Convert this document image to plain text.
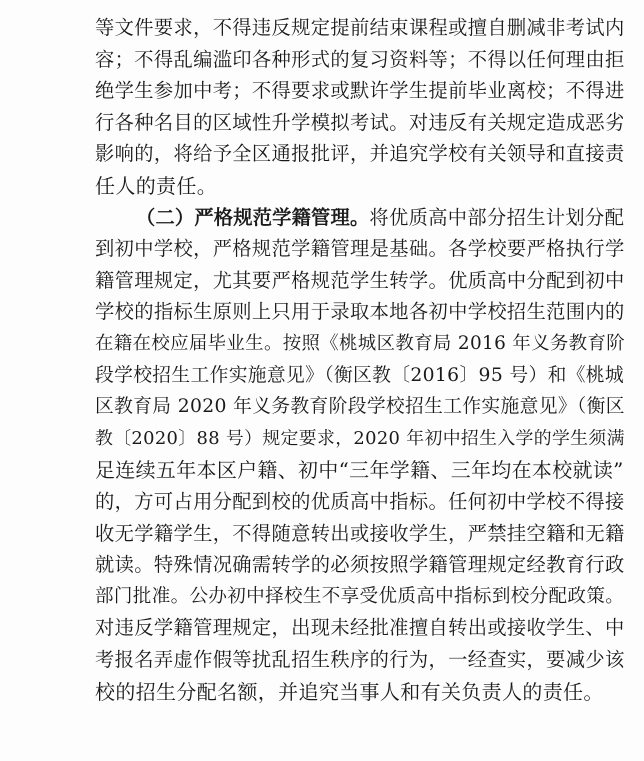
等文件要求，不得违反规定提前结束课程或擅自删减非考试内
容；不得乱编滥印各种形式的复习资料等；不得以任何理由拒
绝学生参加中考；不得要求或默许学生提前毕业离校；不得进
行各种名目的区域性升学模拟考试。对违反有关规定造成恶劣
影响的，将给予全区通报批评，并追究学校有关领导和直接责
任人的责任。
（二）严格规范学籍管理。将优质高中部分招生计划分配
到初中学校，严格规范学籍管理是基础。各学校要严格执行学
籍管理规定，尤其要严格规范学生转学。优质高中分配到初中
学校的指标生原则上只用于录取本地各初中学校招生范围内的
在籍在校应届毕业生。按照《桃城区教育局 2016 年义务教育阶
段学校招生工作实施意见》（衡区教〔2016〕95 号）和《桃城
区教育局 2020 年义务教育阶段学校招生工作实施意见》（衡区
教〔2020〕88 号）规定要求，2020 年初中招生入学的学生须满
足连续五年本区户籍、初中“三年学籍、三年均在本校就读”
的，方可占用分配到校的优质高中指标。任何初中学校不得接
收无学籍学生，不得随意转出或接收学生，严禁挂空籍和无籍
就读。特殊情况确需转学的必须按照学籍管理规定经教育行政
部门批准。公办初中择校生不享受优质高中指标到校分配政策。
对违反学籍管理规定，出现未经批准擅自转出或接收学生、中
考报名弄虚作假等扰乱招生秩序的行为，一经查实，要减少该
校的招生分配名额，并追究当事人和有关负责人的责任。
